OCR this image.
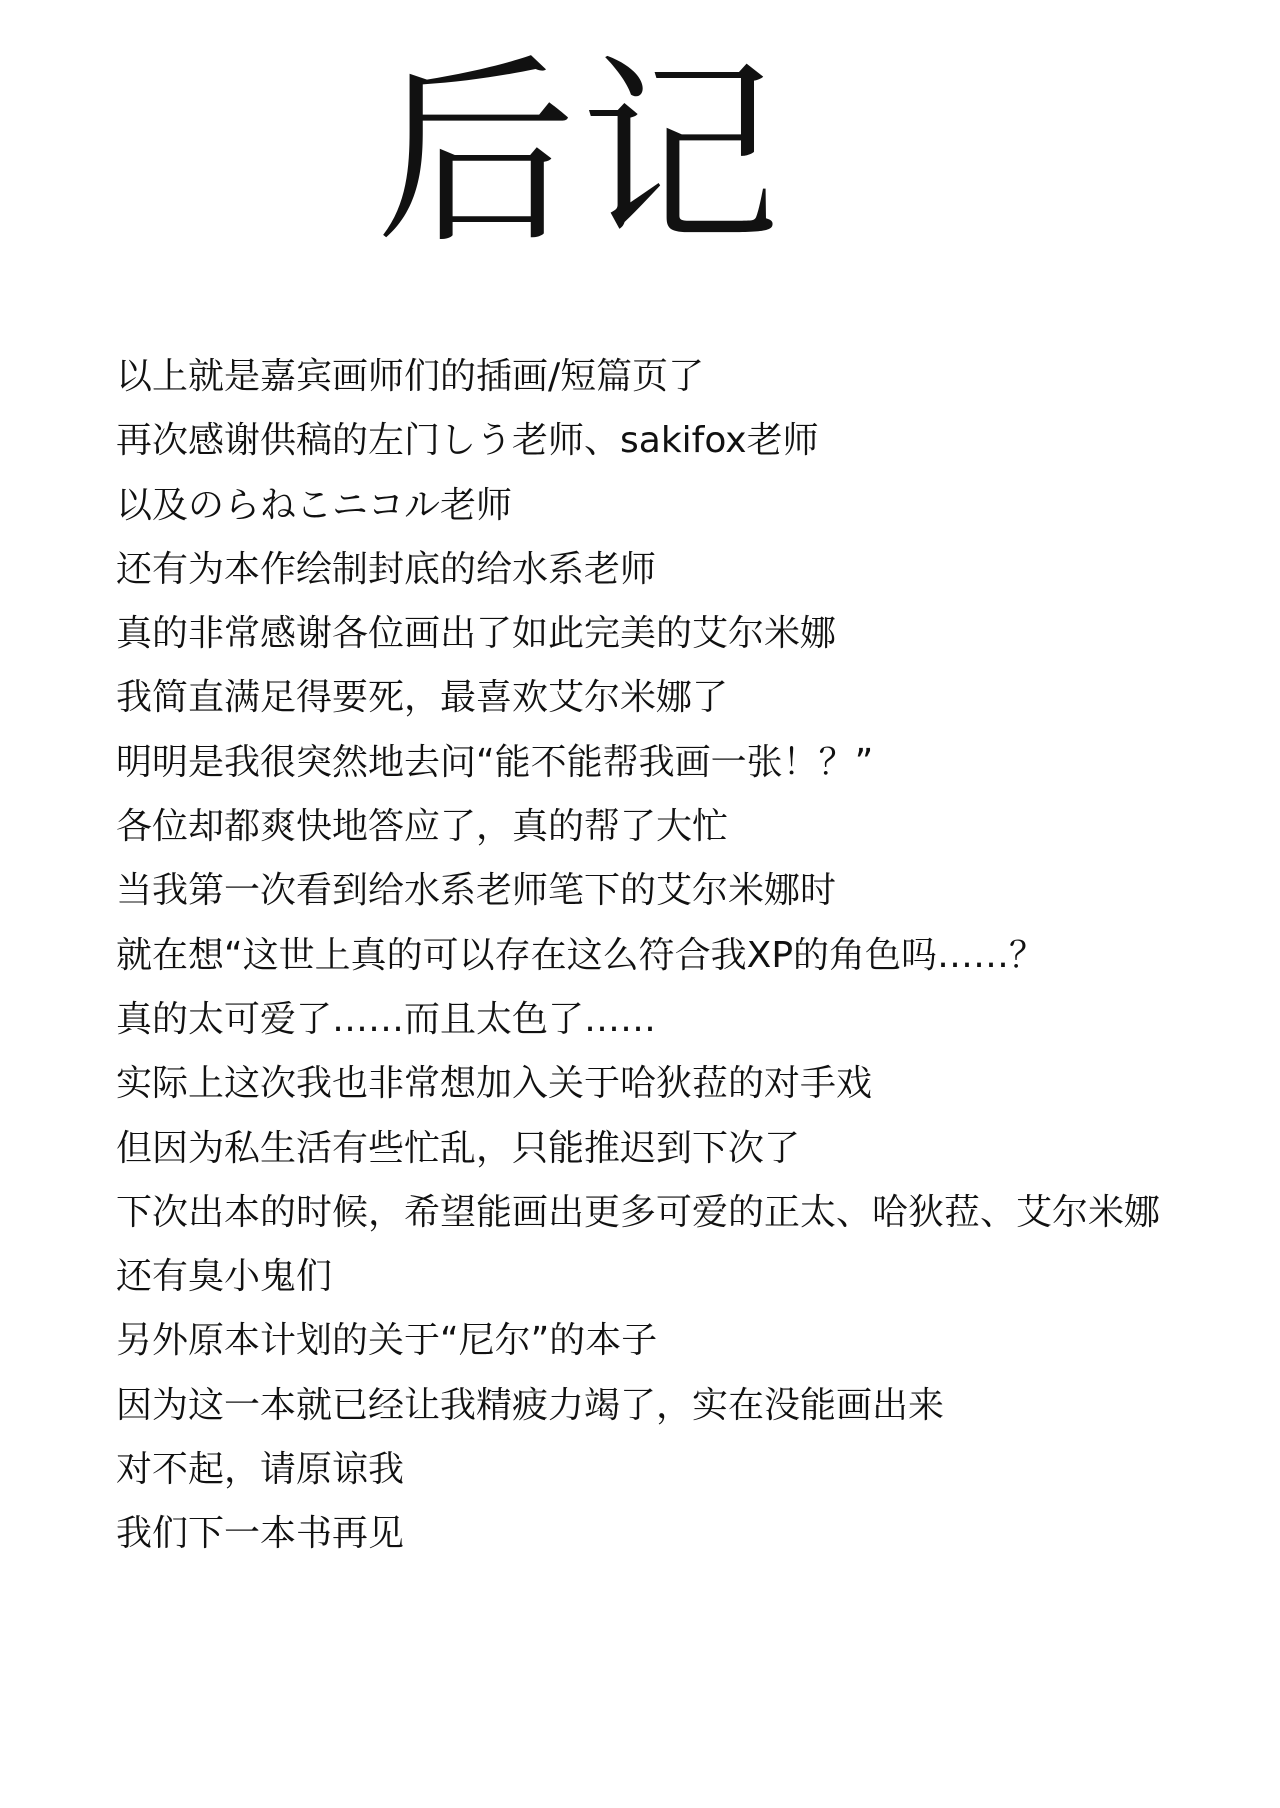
后记
以上就是嘉宾画师们的插画/短篇页了
再次感谢供稿的左门しう老师、sakifox老师
以及のらねこニコル老师
还有为本作绘制封底的给水系老师
真的非常感谢各位画出了如此完美的艾尔米娜
我简直满足得要死，最喜欢艾尔米娜了
明明是我很突然地去问“能不能帮我画一张！？”
各位却都爽快地答应了，真的帮了大忙
当我第一次看到给水系老师笔下的艾尔米娜时
就在想“这世上真的可以存在这么符合我XP的角色吗……？
真的太可爱了……而且太色了……
实际上这次我也非常想加入关于哈狄菈的对手戏
但因为私生活有些忙乱，只能推迟到下次了
下次出本的时候，希望能画出更多可爱的正太、哈狄菈、艾尔米娜
还有臭小鬼们
另外原本计划的关于“尼尔”的本子
因为这一本就已经让我精疲力竭了，实在没能画出来
对不起，请原谅我
我们下一本书再见
